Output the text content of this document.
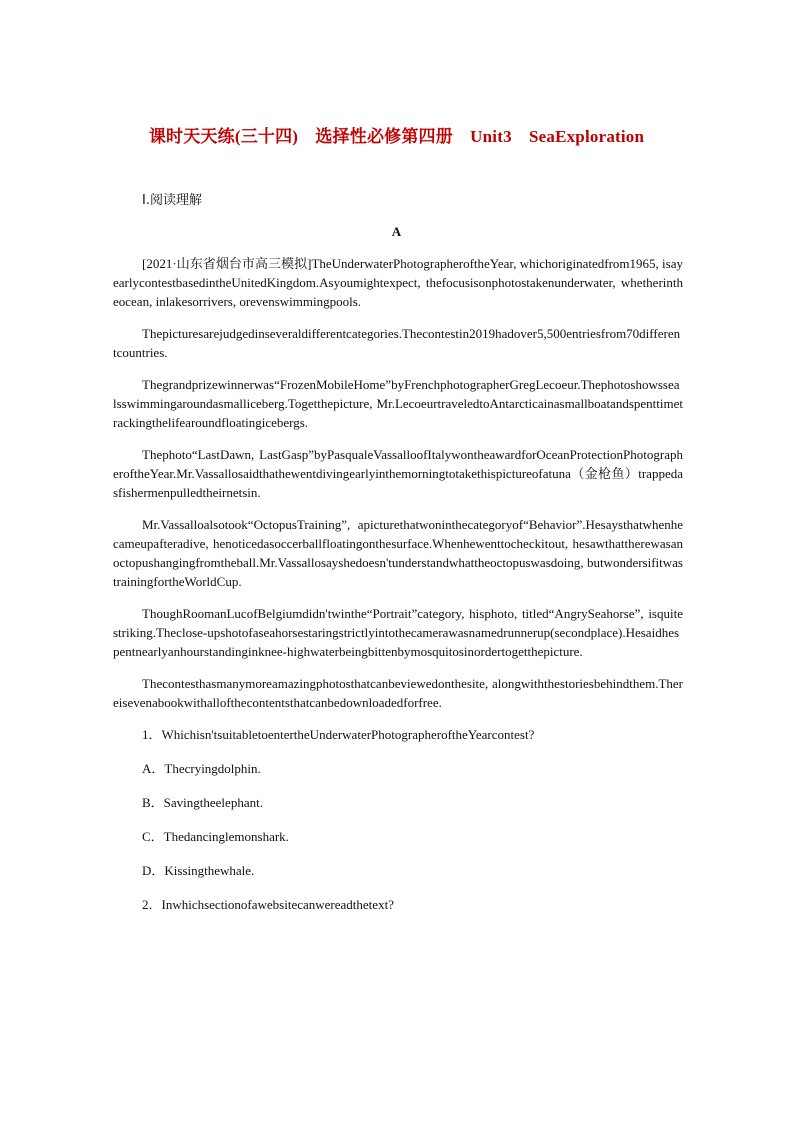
课时天天练(三十四)　选择性必修第四册　Unit3　SeaExploration
Ⅰ.阅读理解
A

[2021·山东省烟台市高三模拟]TheUnderwaterPhotographeroftheYear, whichoriginatedfrom1965, isayearlycontestbasedintheUnitedKingdom.Asyoumightexpect, thefocusisonphotostakenunderwater, whetherintheocean, inlakesorrivers, orevenswimmingpools.

Thepicturesarejudgedinseveraldifferentcategories.Thecontestin2019hadover5,500entriesfrom70differentcountries.

Thegrandprizewinnerwas“FrozenMobileHome”byFrenchphotographerGregLecoeur.Thephotoshowssealsswimmingaroundasmalliceberg.Togetthepicture, Mr.LecoeurtraveledtoAntarcticainasmallboatandspenttimetrackingthelifearoundfloatingicebergs.

Thephoto“LastDawn, LastGasp”byPasqualeVassalloofItalywontheawardforOceanProtectionPhotographeroftheYear.Mr.Vassallosaidthathewentdivingearlyinthemorningtotakethispictureofatuna（金枪鱼）trappedasfishermenpulledtheirnetsin.

Mr.Vassalloalsotook“OctopusTraining”, apicturethatwoninthecategoryof“Behavior”.Hesaysthatwhenhecameupafteradive, henoticedasoccerballfloatingonthesurface.Whenhewenttocheckitout, hesawthattherewasanoctopushangingfromtheball.Mr.Vassallosayshedoesn'tunderstandwhattheoctopuswasdoing, butwondersifitwastrainingfortheWorldCup.

ThoughRoomanLucofBelgiumdidn'twinthe“Portrait”category, hisphoto, titled“AngrySeahorse”, isquitestriking.Theclose-upshotofaseahorsestaringstrictlyintothecamerawasnamedrunnerup(secondplace).Hesaidhespentnearlyanhourstandinginknee-highwaterbeingbittenbymosquitosinordertogetthepicture.

Thecontesthasmanymoreamazingphotosthatcanbeviewedonthesite, alongwiththestoriesbehindthem.Thereisevenabookwithallofthecontentsthatcanbedownloadedforfree.

1．Whichisn'tsuitabletoentertheUnderwaterPhotographeroftheYearcontest?
A．Thecryingdolphin.
B．Savingtheelephant.
C．Thedancinglemonshark.
D．Kissingthewhale.
2．Inwhichsectionofawebsitecanwereadthetext?
